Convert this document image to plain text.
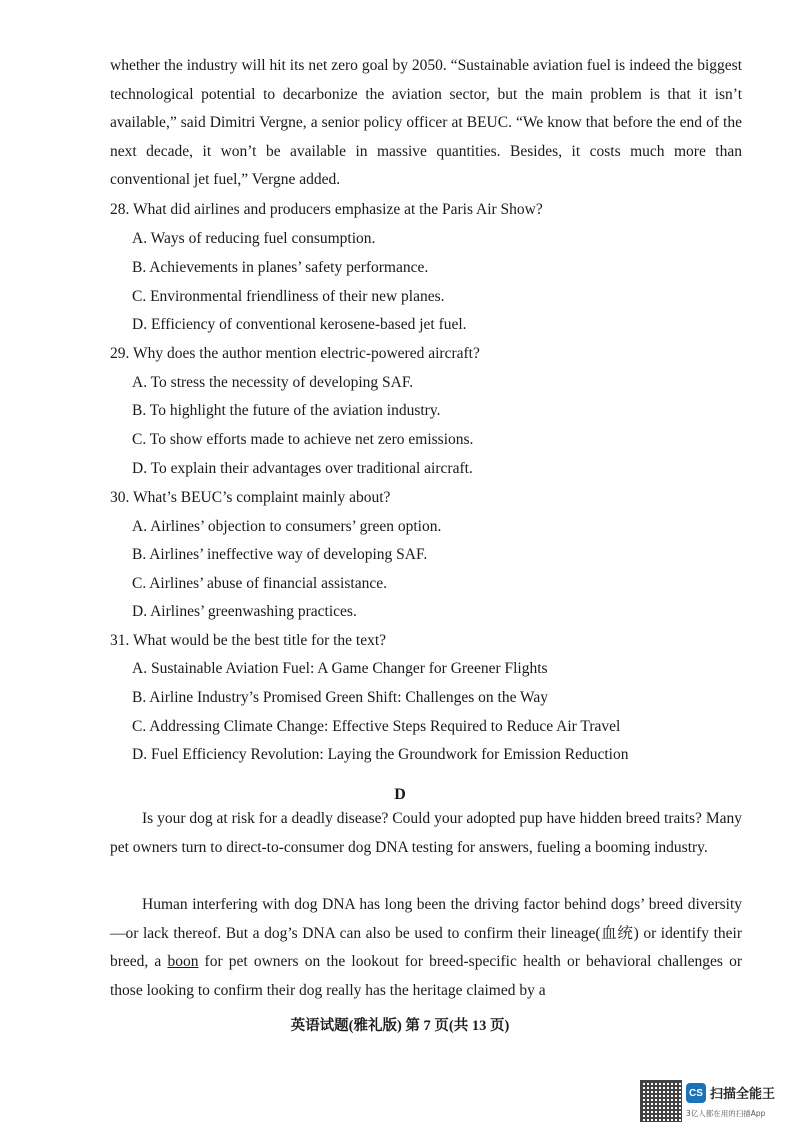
whether the industry will hit its net zero goal by 2050. “Sustainable aviation fuel is indeed the biggest technological potential to decarbonize the aviation sector, but the main problem is that it isn’t available,” said Dimitri Vergne, a senior policy officer at BEUC. “We know that before the end of the next decade, it won’t be available in massive quantities. Besides, it costs much more than conventional jet fuel,” Vergne added.

28. What did airlines and producers emphasize at the Paris Air Show?

A. Ways of reducing fuel consumption.

B. Achievements in planes’ safety performance.

C. Environmental friendliness of their new planes.

D. Efficiency of conventional kerosene-based jet fuel.

29. Why does the author mention electric-powered aircraft?

A. To stress the necessity of developing SAF.

B. To highlight the future of the aviation industry.

C. To show efforts made to achieve net zero emissions.

D. To explain their advantages over traditional aircraft.

30. What’s BEUC’s complaint mainly about?

A. Airlines’ objection to consumers’ green option.

B. Airlines’ ineffective way of developing SAF.

C. Airlines’ abuse of financial assistance.

D. Airlines’ greenwashing practices.

31. What would be the best title for the text?

A. Sustainable Aviation Fuel: A Game Changer for Greener Flights

B. Airline Industry’s Promised Green Shift: Challenges on the Way

C. Addressing Climate Change: Effective Steps Required to Reduce Air Travel

D. Fuel Efficiency Revolution: Laying the Groundwork for Emission Reduction

D

Is your dog at risk for a deadly disease? Could your adopted pup have hidden breed traits? Many pet owners turn to direct-to-consumer dog DNA testing for answers, fueling a booming industry.

Human interfering with dog DNA has long been the driving factor behind dogs’ breed diversity—or lack thereof. But a dog’s DNA can also be used to confirm their lineage(血统) or identify their breed, a boon for pet owners on the lookout for breed-specific health or behavioral challenges or those looking to confirm their dog really has the heritage claimed by a

英语试题(雅礼版) 第 7 页(共 13 页)

CS 扫描全能王
3亿人都在用的扫描App
